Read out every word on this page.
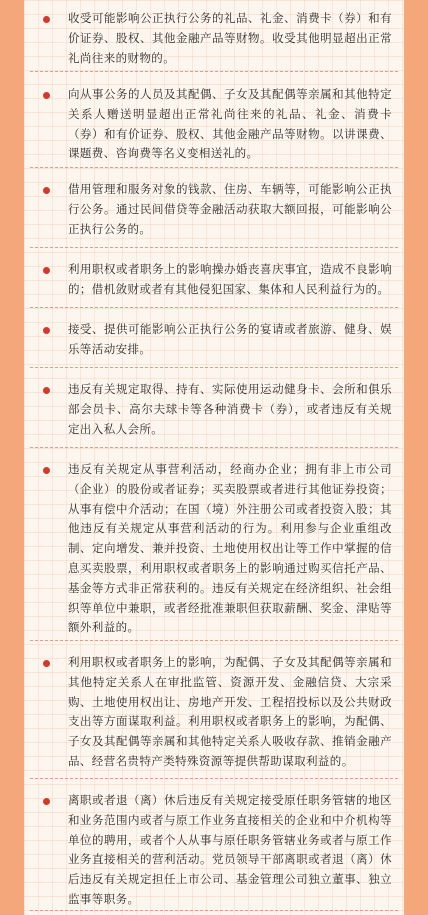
收受可能影响公正执行公务的礼品、礼金、消费卡（券）和有价证券、股权、其他金融产品等财物。收受其他明显超出正常礼尚往来的财物的。

向从事公务的人员及其配偶、子女及其配偶等亲属和其他特定关系人赠送明显超出正常礼尚往来的礼品、礼金、消费卡（券）和有价证券、股权、其他金融产品等财物。以讲课费、课题费、咨询费等名义变相送礼的。

借用管理和服务对象的钱款、住房、车辆等，可能影响公正执行公务。通过民间借贷等金融活动获取大额回报，可能影响公正执行公务的。

利用职权或者职务上的影响操办婚丧喜庆事宜，造成不良影响的；借机敛财或者有其他侵犯国家、集体和人民利益行为的。

接受、提供可能影响公正执行公务的宴请或者旅游、健身、娱乐等活动安排。

违反有关规定取得、持有、实际使用运动健身卡、会所和俱乐部会员卡、高尔夫球卡等各种消费卡（券），或者违反有关规定出入私人会所。

违反有关规定从事营利活动，经商办企业；拥有非上市公司（企业）的股份或者证券；买卖股票或者进行其他证券投资；从事有偿中介活动；在国（境）外注册公司或者投资入股；其他违反有关规定从事营利活动的行为。利用参与企业重组改制、定向增发、兼并投资、土地使用权出让等工作中掌握的信息买卖股票，利用职权或者职务上的影响通过购买信托产品、基金等方式非正常获利的。违反有关规定在经济组织、社会组织等单位中兼职，或者经批准兼职但获取薪酬、奖金、津贴等额外利益的。

利用职权或者职务上的影响，为配偶、子女及其配偶等亲属和其他特定关系人在审批监管、资源开发、金融信贷、大宗采购、土地使用权出让、房地产开发、工程招投标以及公共财政支出等方面谋取利益。利用职权或者职务上的影响，为配偶、子女及其配偶等亲属和其他特定关系人吸收存款、推销金融产品、经营名贵特产类特殊资源等提供帮助谋取利益的。

离职或者退（离）休后违反有关规定接受原任职务管辖的地区和业务范围内或者与原工作业务直接相关的企业和中介机构等单位的聘用，或者个人从事与原任职务管辖业务或者与原工作业务直接相关的营利活动。党员领导干部离职或者退（离）休后违反有关规定担任上市公司、基金管理公司独立董事、独立监事等职务。
